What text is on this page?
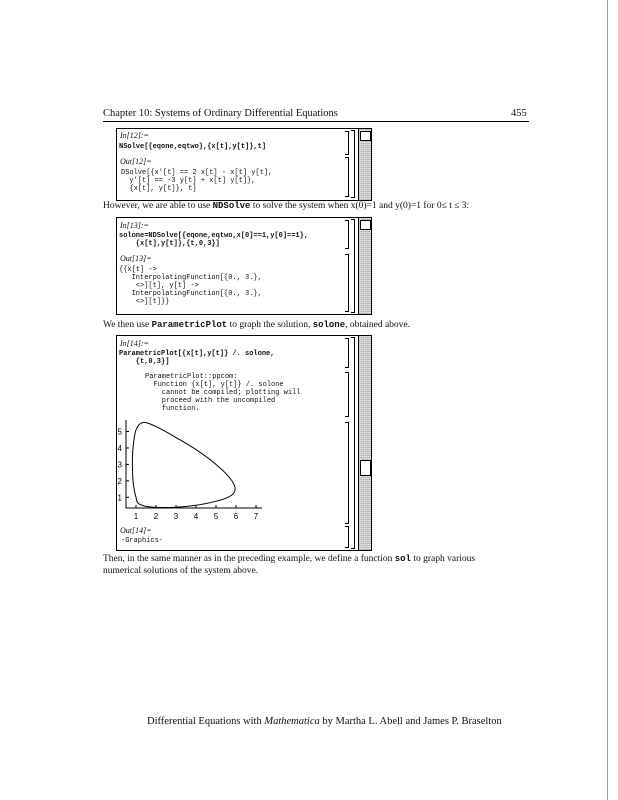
Chapter 10: Systems of Ordinary Differential Equations	455
In[12]:=
NSolve[{eqone,eqtwo},{x[t],y[t]},t]
Out[12]=
DSolve[{x'[t] == 2 x[t] - x[t] y[t],
y'[t] == -3 y[t] + x[t] y[t]},
{x[t], y[t]}, t]
However, we are able to use NDSolve to solve the system when x(0)=1 and y(0)=1 for 0≤ t ≤ 3:
In[13]:=
solone=NDSolve[{eqone,eqtwo,x[0]==1,y[0]==1},
{x[t],y[t]},{t,0,3}]
Out[13]=
{{x[t] ->
InterpolatingFunction[{0., 3.},
<>][t], y[t] ->
InterpolatingFunction[{0., 3.},
<>][t]}}
We then use ParametricPlot to graph the solution, solone, obtained above.
In[14]:=
ParametricPlot[{x[t],y[t]} /. solone,
{t,0,3}]
ParametricPlot::ppcom:
Function {x[t], y[t]} /. solone
cannot be compiled; plotting will
proceed with the uncompiled
function.
1 2 3 4 5 6 7
1
2
3
4
5
Out[14]=
-Graphics-
Then, in the same manner as in the preceding example, we define a function sol to graph various
numerical solutions of the system above.
Differential Equations with Mathematica by Martha L. Abell and James P. Braselton
